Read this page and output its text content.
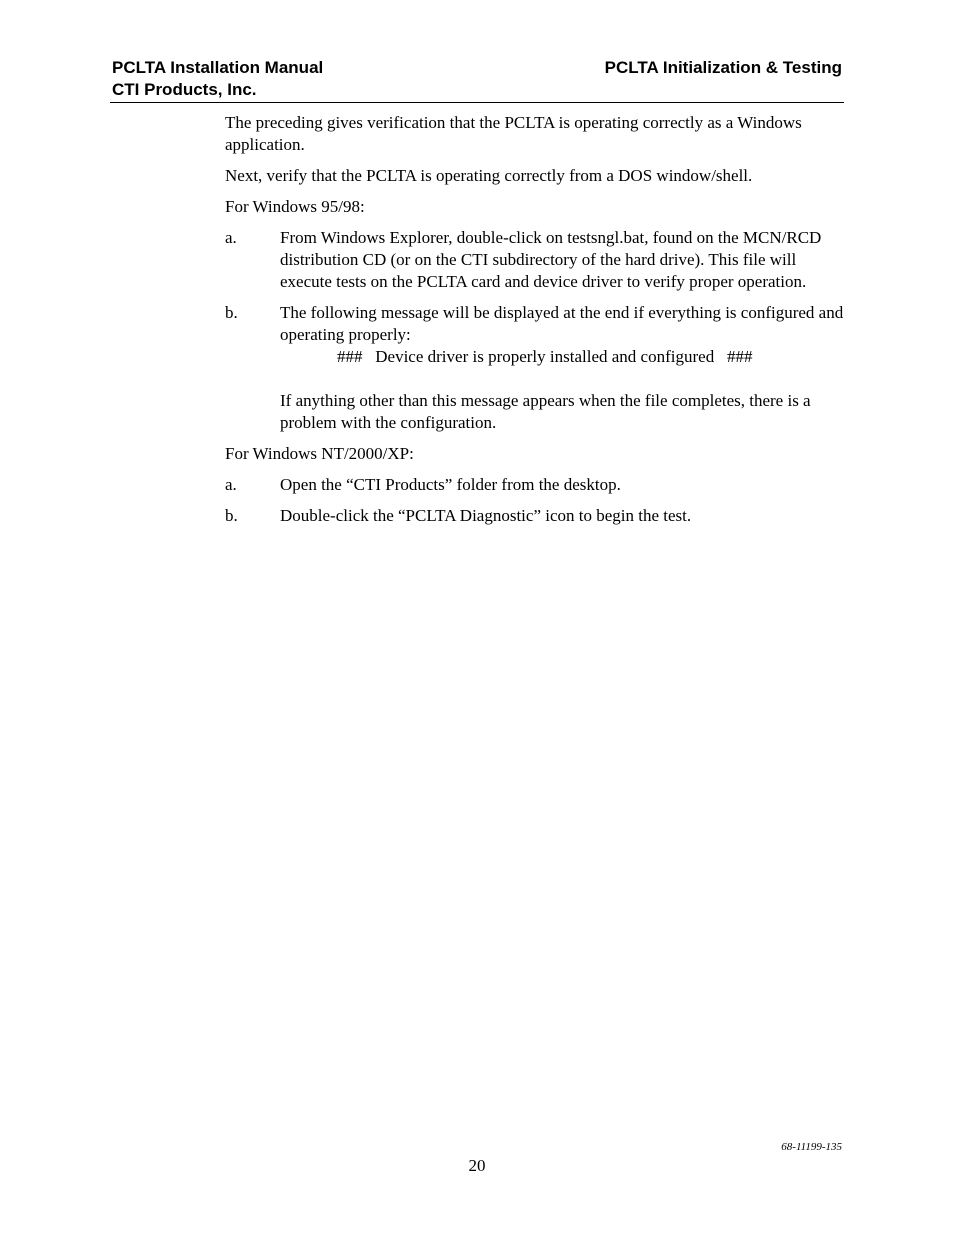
PCLTA Installation Manual
CTI Products, Inc.
PCLTA Initialization & Testing

The preceding gives verification that the PCLTA is operating correctly as a Windows application.

Next, verify that the PCLTA is operating correctly from a DOS window/shell.

For Windows 95/98:

a.	From Windows Explorer, double-click on testsngl.bat, found on the MCN/RCD distribution CD (or on the CTI subdirectory of the hard drive). This file will execute tests on the PCLTA card and device driver to verify proper operation.
b.	The following message will be displayed at the end if everything is configured and operating properly:
###   Device driver is properly installed and configured   ###
If anything other than this message appears when the file completes, there is a problem with the configuration.

For Windows NT/2000/XP:

a.	Open the “CTI Products” folder from the desktop.
b.	Double-click the “PCLTA Diagnostic” icon to begin the test.
68-11199-135
20
